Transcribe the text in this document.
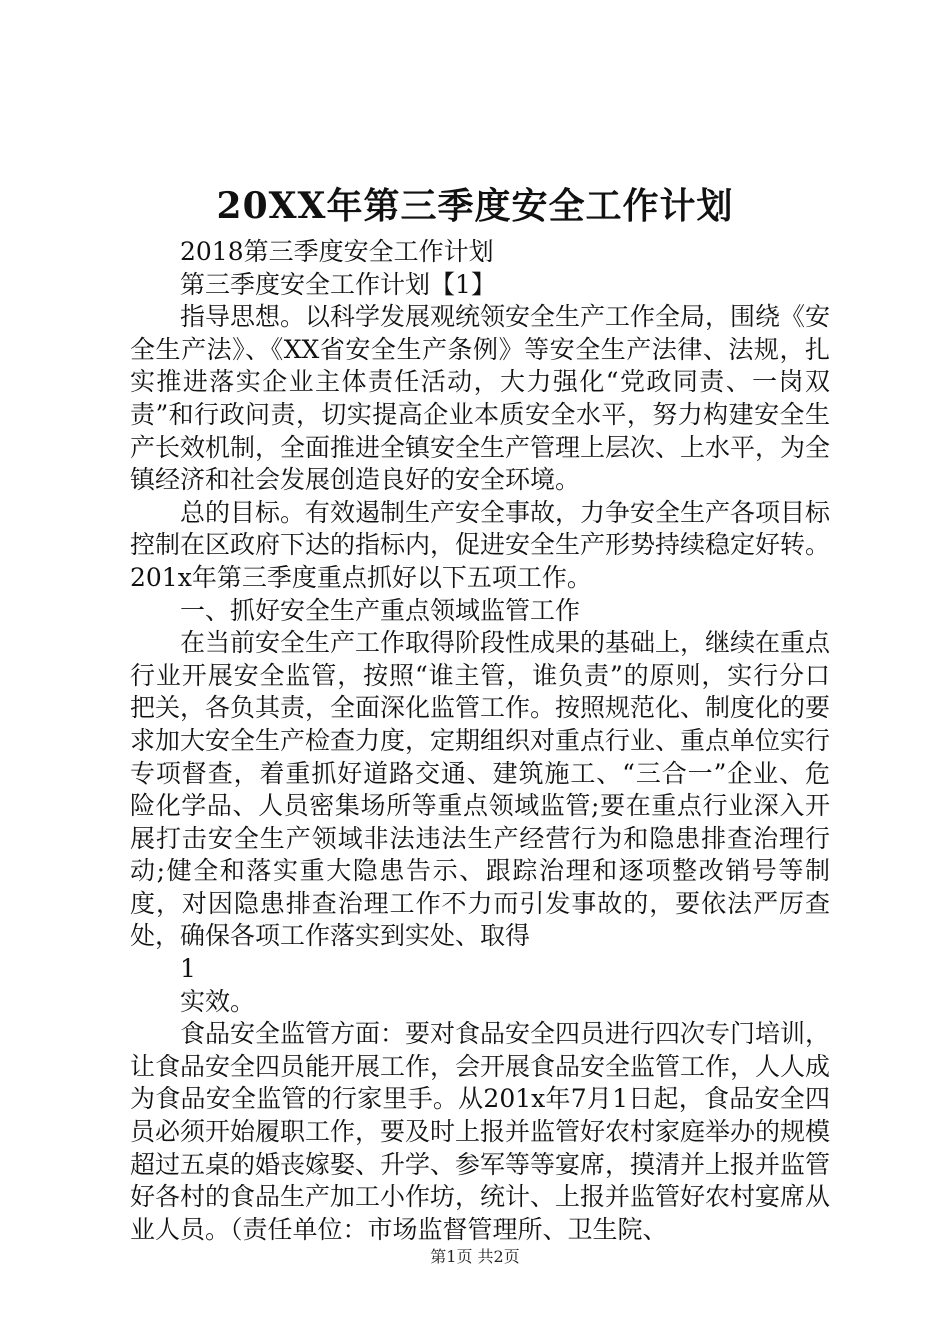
20XX年第三季度安全工作计划

2018第三季度安全工作计划

第三季度安全工作计划【1】

指导思想。以科学发展观统领安全生产工作全局，围绕《安全生产法》、《XX省安全生产条例》等安全生产法律、法规，扎实推进落实企业主体责任活动，大力强化“党政同责、一岗双责”和行政问责，切实提高企业本质安全水平，努力构建安全生产长效机制，全面推进全镇安全生产管理上层次、上水平，为全镇经济和社会发展创造良好的安全环境。

总的目标。有效遏制生产安全事故，力争安全生产各项目标控制在区政府下达的指标内，促进安全生产形势持续稳定好转。201x年第三季度重点抓好以下五项工作。

一、抓好安全生产重点领域监管工作

在当前安全生产工作取得阶段性成果的基础上，继续在重点行业开展安全监管，按照“谁主管，谁负责”的原则，实行分口把关，各负其责，全面深化监管工作。按照规范化、制度化的要求加大安全生产检查力度，定期组织对重点行业、重点单位实行专项督查，着重抓好道路交通、建筑施工、“三合一”企业、危险化学品、人员密集场所等重点领域监管;要在重点行业深入开展打击安全生产领域非法违法生产经营行为和隐患排查治理行动;健全和落实重大隐患告示、跟踪治理和逐项整改销号等制度，对因隐患排查治理工作不力而引发事故的，要依法严厉查处，确保各项工作落实到实处、取得

1

实效。

食品安全监管方面：要对食品安全四员进行四次专门培训，让食品安全四员能开展工作，会开展食品安全监管工作，人人成为食品安全监管的行家里手。从201x年7月1日起，食品安全四员必须开始履职工作，要及时上报并监管好农村家庭举办的规模超过五桌的婚丧嫁娶、升学、参军等等宴席，摸清并上报并监管好各村的食品生产加工小作坊，统计、上报并监管好农村宴席从业人员。（责任单位：市场监督管理所、卫生院、

第1页 共2页
